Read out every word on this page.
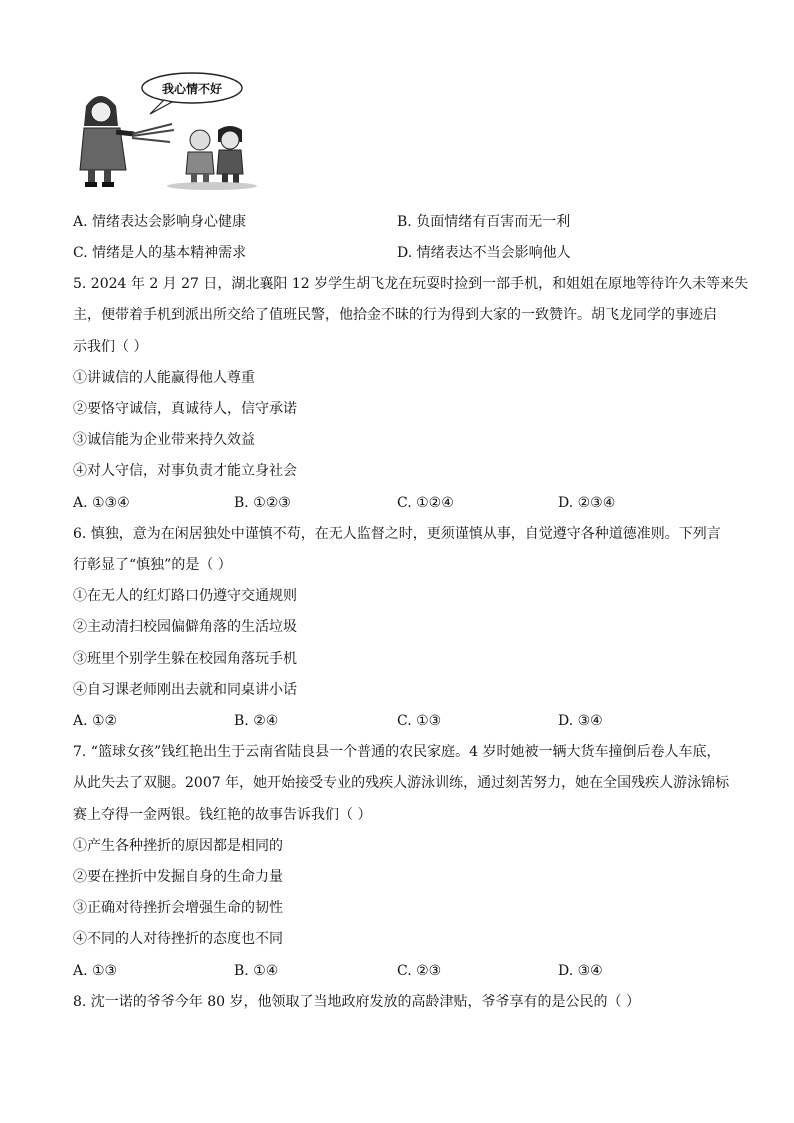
我心情不好
A. 情绪表达会影响身心健康	B. 负面情绪有百害而无一利
C. 情绪是人的基本精神需求	D. 情绪表达不当会影响他人
5. 2024 年 2 月 27 日，湖北襄阳 12 岁学生胡飞龙在玩耍时捡到一部手机，和姐姐在原地等待许久未等来失
主，便带着手机到派出所交给了值班民警，他拾金不昧的行为得到大家的一致赞许。胡飞龙同学的事迹启
示我们（ ）
①讲诚信的人能赢得他人尊重
②要恪守诚信，真诚待人，信守承诺
③诚信能为企业带来持久效益
④对人守信，对事负责才能立身社会
A. ①③④	B. ①②③	C. ①②④	D. ②③④
6. 慎独，意为在闲居独处中谨慎不苟，在无人监督之时，更须谨慎从事，自觉遵守各种道德准则。下列言
行彰显了“慎独”的是（ ）
①在无人的红灯路口仍遵守交通规则
②主动清扫校园偏僻角落的生活垃圾
③班里个别学生躲在校园角落玩手机
④自习课老师刚出去就和同桌讲小话
A. ①②	B. ②④	C. ①③	D. ③④
7. “篮球女孩”钱红艳出生于云南省陆良县一个普通的农民家庭。4 岁时她被一辆大货车撞倒后卷人车底，
从此失去了双腿。2007 年，她开始接受专业的残疾人游泳训练，通过刻苦努力，她在全国残疾人游泳锦标
赛上夺得一金两银。钱红艳的故事告诉我们（ ）
①产生各种挫折的原因都是相同的
②要在挫折中发掘自身的生命力量
③正确对待挫折会增强生命的韧性
④不同的人对待挫折的态度也不同
A. ①③	B. ①④	C. ②③	D. ③④
8. 沈一诺的爷爷今年 80 岁，他领取了当地政府发放的高龄津贴，爷爷享有的是公民的（ ）
